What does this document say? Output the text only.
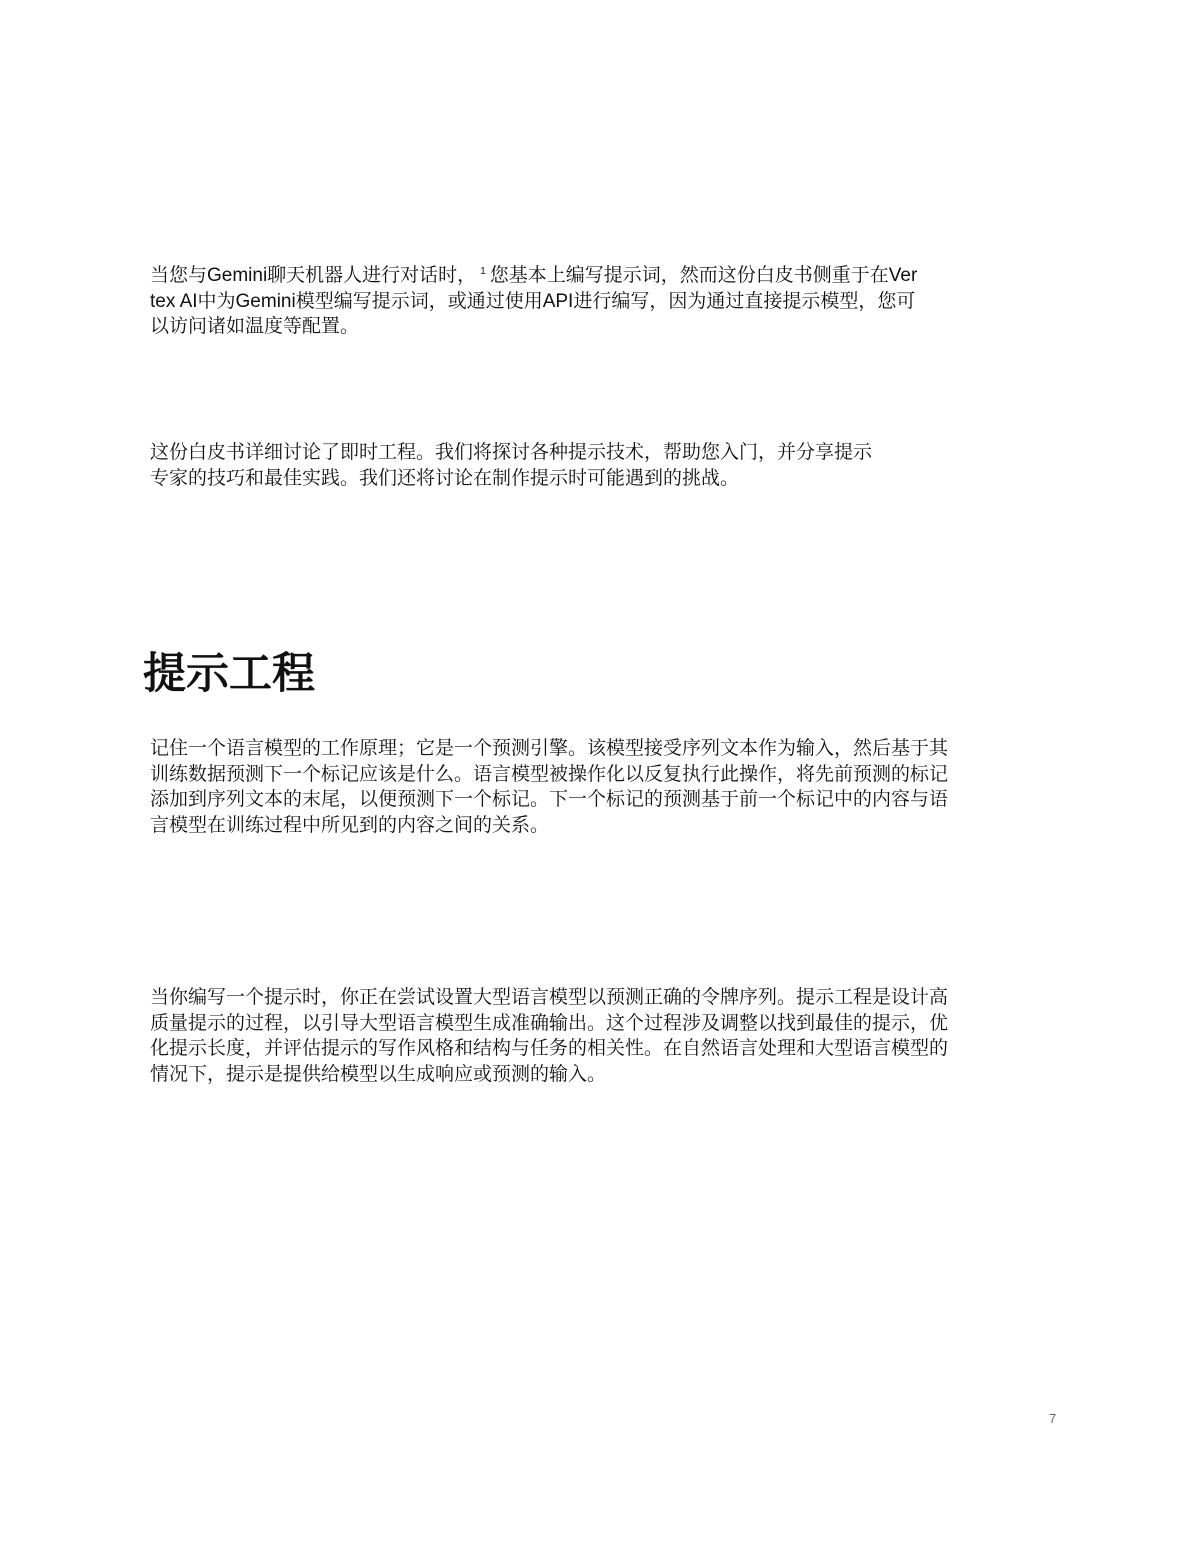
当您与Gemini聊天机器人进行对话时， $^1$ 您基本上编写提示词，然而这份白皮书侧重于在Ver
tex AI中为Gemini模型编写提示词，或通过使用API进行编写，因为通过直接提示模型，您可
以访问诸如温度等配置。
这份白皮书详细讨论了即时工程。我们将探讨各种提示技术，帮助您入门，并分享提示
专家的技巧和最佳实践。我们还将讨论在制作提示时可能遇到的挑战。
提示工程
记住一个语言模型的工作原理；它是一个预测引擎。该模型接受序列文本作为输入，然后基于其
训练数据预测下一个标记应该是什么。语言模型被操作化以反复执行此操作，将先前预测的标记
添加到序列文本的末尾，以便预测下一个标记。下一个标记的预测基于前一个标记中的内容与语
言模型在训练过程中所见到的内容之间的关系。
当你编写一个提示时，你正在尝试设置大型语言模型以预测正确的令牌序列。提示工程是设计高
质量提示的过程，以引导大型语言模型生成准确输出。这个过程涉及调整以找到最佳的提示，优
化提示长度，并评估提示的写作风格和结构与任务的相关性。在自然语言处理和大型语言模型的
情况下，提示是提供给模型以生成响应或预测的输入。
7
